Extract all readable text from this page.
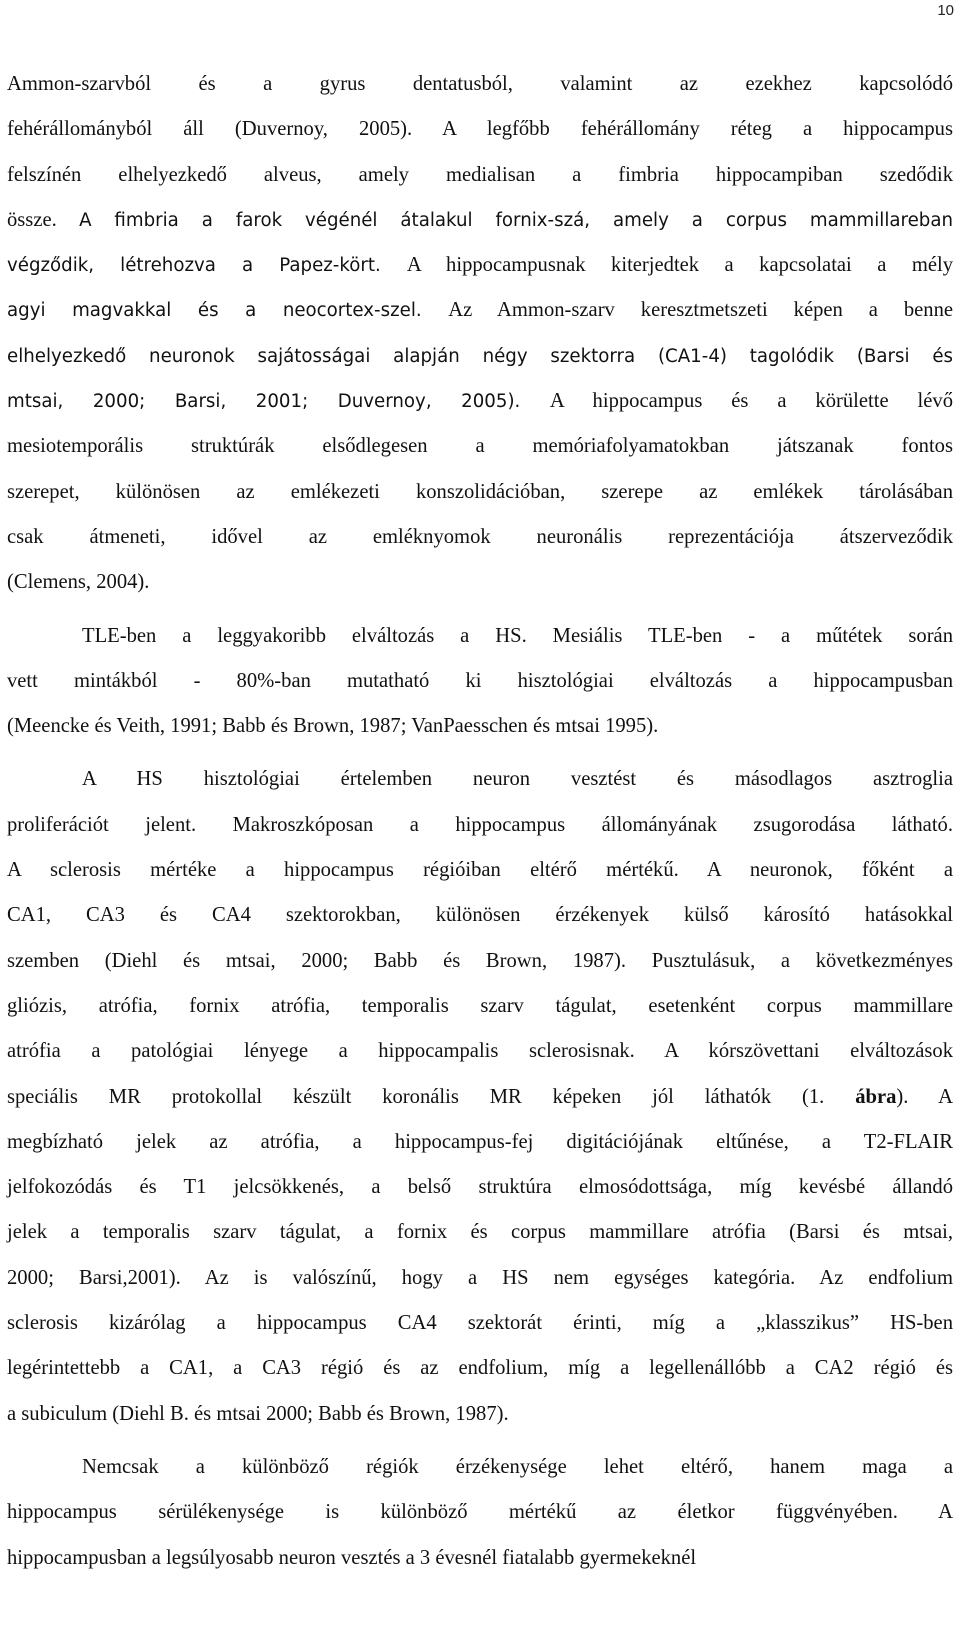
10
Ammon-szarvból és a gyrus dentatusból, valamint az ezekhez kapcsolódó
fehérállományból áll (Duvernoy, 2005). A legfőbb fehérállomány réteg a hippocampus
felszínén elhelyezkedő alveus, amely medialisan a fimbria hippocampiban szedődik
össze. A fimbria a farok végénél átalakul fornix-szá, amely a corpus mammillareban
végződik, létrehozva a Papez-kört. A hippocampusnak kiterjedtek a kapcsolatai a mély
agyi magvakkal és a neocortex-szel. Az Ammon-szarv keresztmetszeti képen a benne
elhelyezkedő neuronok sajátosságai alapján négy szektorra (CA1-4) tagolódik (Barsi és
mtsai, 2000; Barsi, 2001; Duvernoy, 2005). A hippocampus és a körülette lévő
mesiotemporális struktúrák elsődlegesen a memóriafolyamatokban játszanak fontos
szerepet, különösen az emlékezeti konszolidációban, szerepe az emlékek tárolásában
csak átmeneti, idővel az emléknyomok neuronális reprezentációja átszerveződik
(Clemens, 2004).
TLE-ben a leggyakoribb elváltozás a HS. Mesiális TLE-ben - a műtétek során
vett mintákból - 80%-ban mutatható ki hisztológiai elváltozás a hippocampusban
(Meencke és Veith, 1991; Babb és Brown, 1987; VanPaesschen és mtsai 1995).
A HS hisztológiai értelemben neuron vesztést és másodlagos asztroglia
proliferációt jelent. Makroszkóposan a hippocampus állományának zsugorodása látható.
A sclerosis mértéke a hippocampus régióiban eltérő mértékű. A neuronok, főként a
CA1, CA3 és CA4 szektorokban, különösen érzékenyek külső károsító hatásokkal
szemben (Diehl és mtsai, 2000; Babb és Brown, 1987). Pusztulásuk, a következményes
gliózis, atrófia, fornix atrófia, temporalis szarv tágulat, esetenként corpus mammillare
atrófia a patológiai lényege a hippocampalis sclerosisnak. A kórszövettani elváltozások
speciális MR protokollal készült koronális MR képeken jól láthatók (1. ábra). A
megbízható jelek az atrófia, a hippocampus-fej digitációjának eltűnése, a T2-FLAIR
jelfokozódás és T1 jelcsökkenés, a belső struktúra elmosódottsága, míg kevésbé állandó
jelek a temporalis szarv tágulat, a fornix és corpus mammillare atrófia (Barsi és mtsai,
2000; Barsi,2001). Az is valószínű, hogy a HS nem egységes kategória. Az endfolium
sclerosis kizárólag a hippocampus CA4 szektorát érinti, míg a „klasszikus” HS-ben
legérintettebb a CA1, a CA3 régió és az endfolium, míg a legellenállóbb a CA2 régió és
a subiculum (Diehl B. és mtsai 2000; Babb és Brown, 1987).
Nemcsak a különböző régiók érzékenysége lehet eltérő, hanem maga a
hippocampus sérülékenysége is különböző mértékű az életkor függvényében. A
hippocampusban a legsúlyosabb neuron vesztés a 3 évesnél fiatalabb gyermekeknél
